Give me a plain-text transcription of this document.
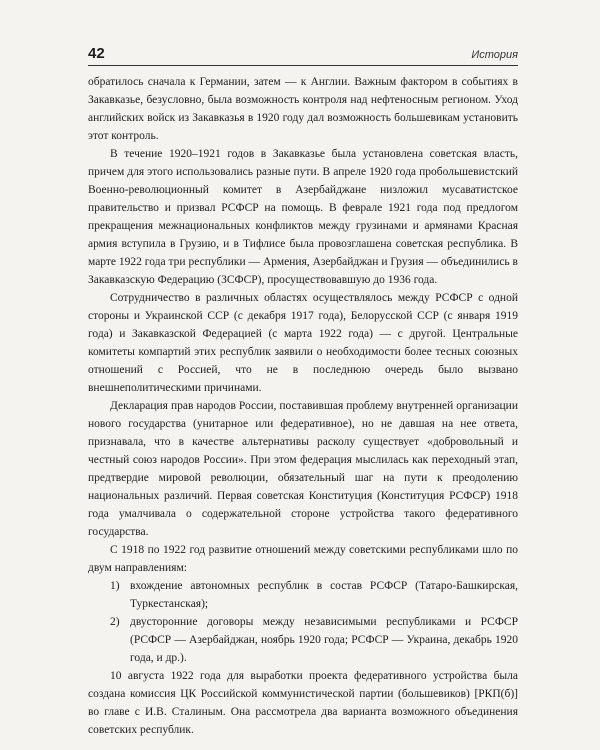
42	История

обратилось сначала к Германии, затем — к Англии. Важным фактором в событиях в Закавказье, безусловно, была возможность контроля над нефтеносным регионом. Уход английских войск из Закавказья в 1920 году дал возможность большевикам установить этот контроль.

В течение 1920–1921 годов в Закавказье была установлена советская власть, причем для этого использовались разные пути. В апреле 1920 года пробольшевистский Военно-революционный комитет в Азербайджане низложил мусаватистское правительство и призвал РСФСР на помощь. В феврале 1921 года под предлогом прекращения межнациональных конфликтов между грузинами и армянами Красная армия вступила в Грузию, и в Тифлисе была провозглашена советская республика. В марте 1922 года три республики — Армения, Азербайджан и Грузия — объединились в Закавказскую Федерацию (ЗСФСР), просуществовавшую до 1936 года.

Сотрудничество в различных областях осуществлялось между РСФСР с одной стороны и Украинской ССР (с декабря 1917 года), Белорусской ССР (с января 1919 года) и Закавказской Федерацией (с марта 1922 года) — с другой. Центральные комитеты компартий этих республик заявили о необходимости более тесных союзных отношений с Россией, что не в последнюю очередь было вызвано внешнеполитическими причинами.

Декларация прав народов России, поставившая проблему внутренней организации нового государства (унитарное или федеративное), но не давшая на нее ответа, признавала, что в качестве альтернативы расколу существует «добровольный и честный союз народов России». При этом федерация мыслилась как переходный этап, предтвердие мировой революции, обязательный шаг на пути к преодолению национальных различий. Первая советская Конституция (Конституция РСФСР) 1918 года умалчивала о содержательной стороне устройства такого федеративного государства.

С 1918 по 1922 год развитие отношений между советскими республиками шло по двум направлениям:

1) вхождение автономных республик в состав РСФСР (Татаро-Башкирская, Туркестанская);
2) двусторонние договоры между независимыми республиками и РСФСР (РСФСР — Азербайджан, ноябрь 1920 года; РСФСР — Украина, декабрь 1920 года, и др.).

10 августа 1922 года для выработки проекта федеративного устройства была создана комиссия ЦК Российской коммунистической партии (большевиков) [РКП(б)] во главе с И.В. Сталиным. Она рассмотрела два варианта возможного объединения советских республик.
